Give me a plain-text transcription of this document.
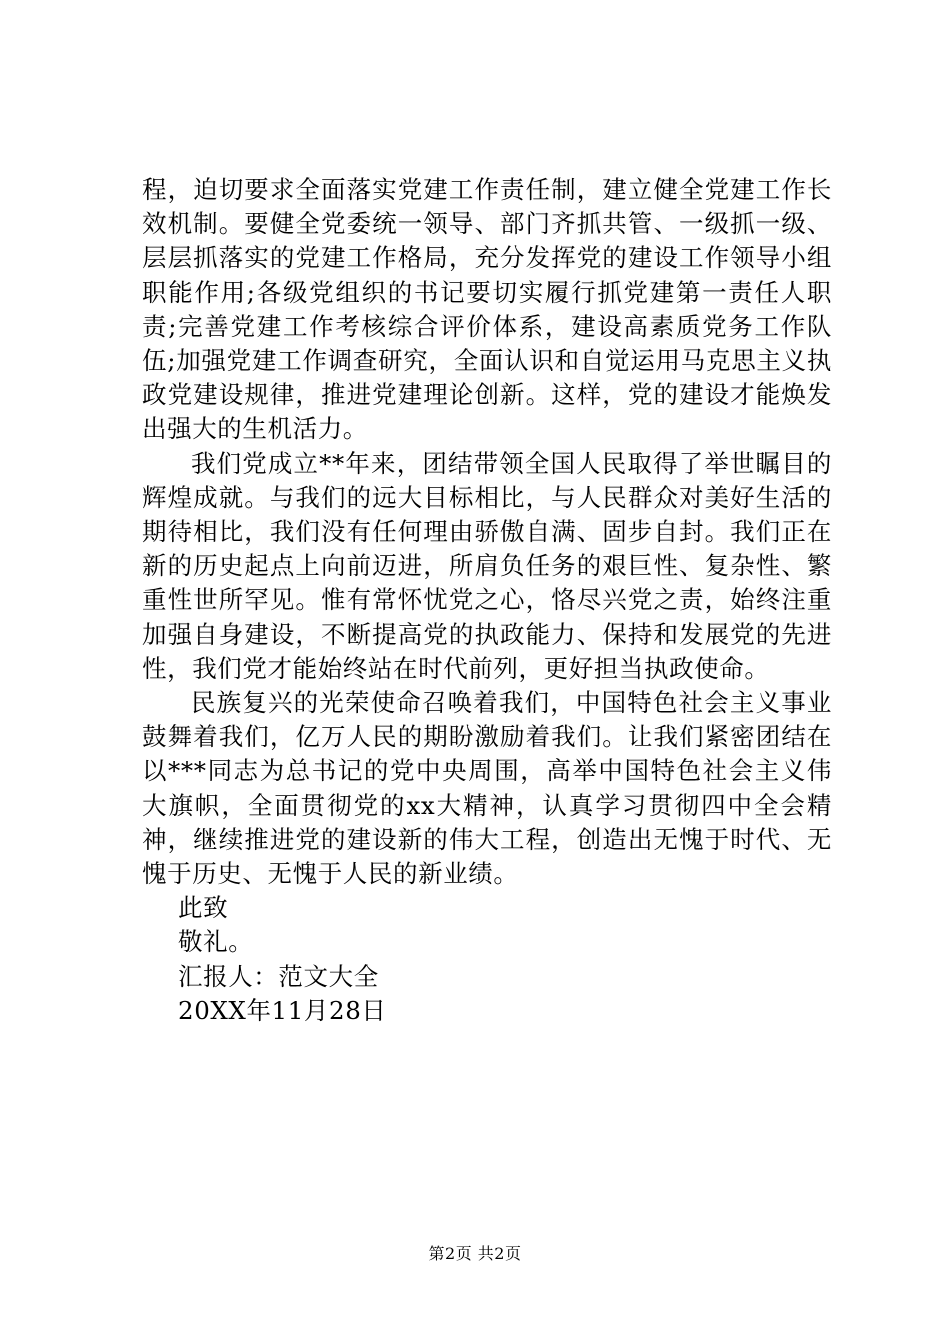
程，迫切要求全面落实党建工作责任制，建立健全党建工作长效机制。要健全党委统一领导、部门齐抓共管、一级抓一级、层层抓落实的党建工作格局，充分发挥党的建设工作领导小组职能作用;各级党组织的书记要切实履行抓党建第一责任人职责;完善党建工作考核综合评价体系，建设高素质党务工作队伍;加强党建工作调查研究，全面认识和自觉运用马克思主义执政党建设规律，推进党建理论创新。这样，党的建设才能焕发出强大的生机活力。

我们党成立**年来，团结带领全国人民取得了举世瞩目的辉煌成就。与我们的远大目标相比，与人民群众对美好生活的期待相比，我们没有任何理由骄傲自满、固步自封。我们正在新的历史起点上向前迈进，所肩负任务的艰巨性、复杂性、繁重性世所罕见。惟有常怀忧党之心，恪尽兴党之责，始终注重加强自身建设，不断提高党的执政能力、保持和发展党的先进性，我们党才能始终站在时代前列，更好担当执政使命。

民族复兴的光荣使命召唤着我们，中国特色社会主义事业鼓舞着我们，亿万人民的期盼激励着我们。让我们紧密团结在以***同志为总书记的党中央周围，高举中国特色社会主义伟大旗帜，全面贯彻党的xx大精神，认真学习贯彻四中全会精神，继续推进党的建设新的伟大工程，创造出无愧于时代、无愧于历史、无愧于人民的新业绩。

此致

敬礼。

汇报人：范文大全

20XX年11月28日

第2页 共2页
